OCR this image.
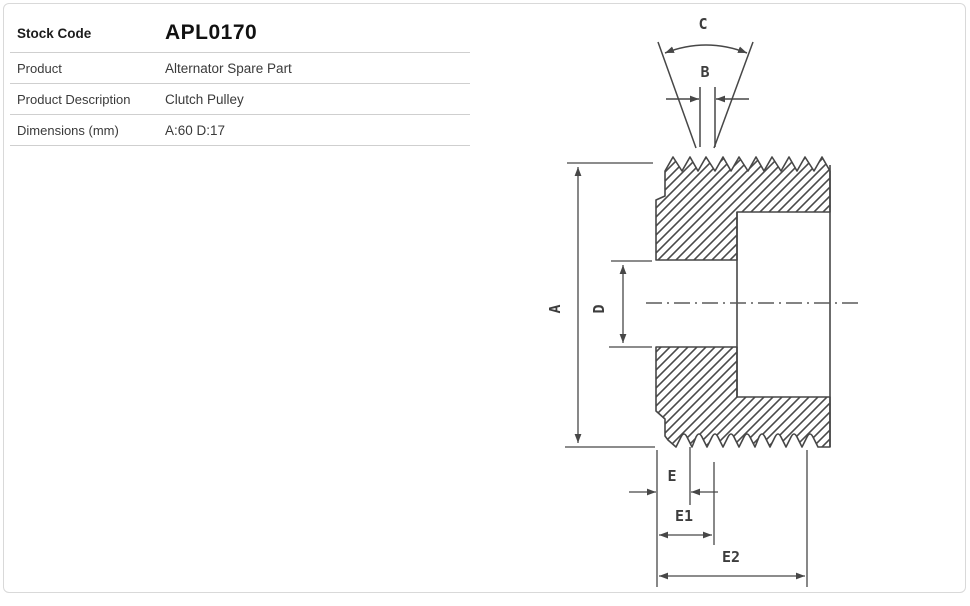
Stock Code	APL0170
Product	Alternator Spare Part
Product Description	Clutch Pulley
Dimensions (mm)	A:60 D:17
C
B
A D
E
E1
E2
